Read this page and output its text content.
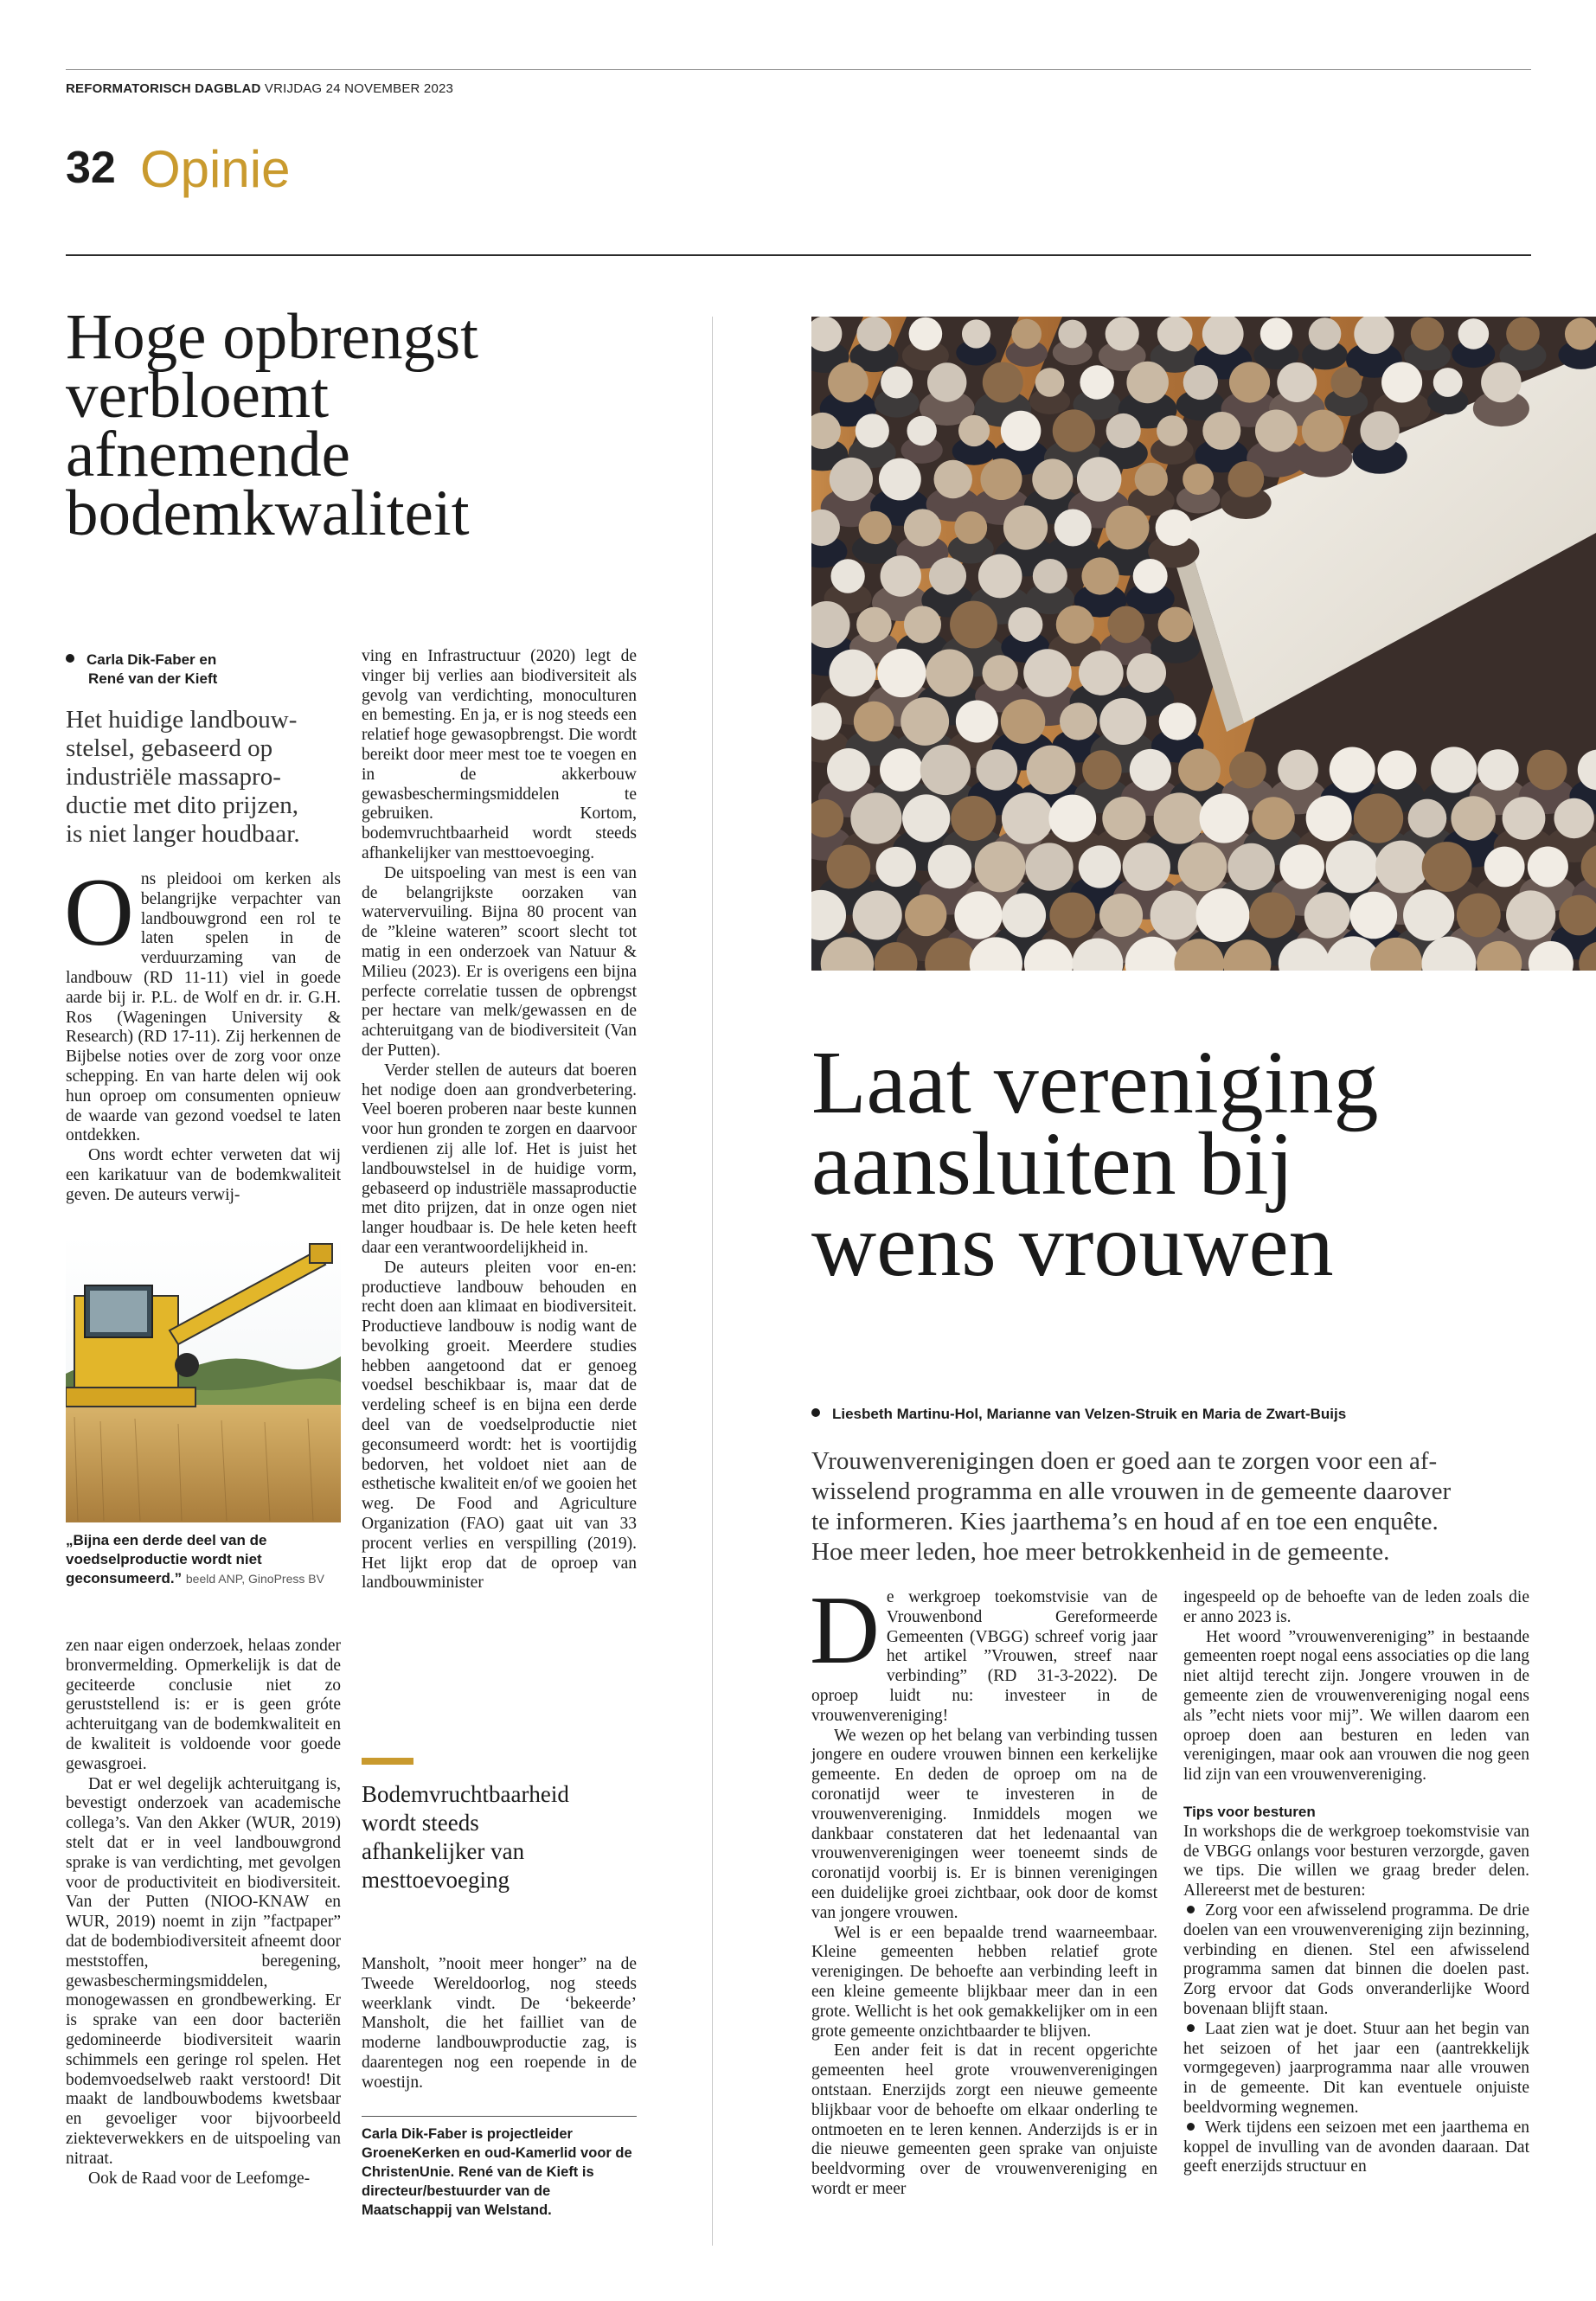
REFORMATORISCH DAGBLAD VRIJDAG 24 NOVEMBER 2023
32 Opinie
Hoge opbrengst
verbloemt
afnemende
bodemkwaliteit
Carla Dik-Faber en
René van der Kieft
Het huidige landbouw-
stelsel, gebaseerd op
industriële massapro-
ductie met dito prijzen,
is niet langer houdbaar.

Ons pleidooi om kerken als belangrijke verpachter van landbouwgrond een rol te laten spelen in de verduurzaming van de landbouw (RD 11-11) viel in goede aarde bij ir. P.L. de Wolf en dr. ir. G.H. Ros (Wageningen University & Research) (RD 17-11). Zij herkennen de Bijbelse noties over de zorg voor onze schepping. En van harte delen wij ook hun oproep om consumenten opnieuw de waarde van gezond voedsel te laten ontdekken.

Ons wordt echter verweten dat wij een karikatuur van de bodemkwaliteit geven. De auteurs verwij-

„Bijna een derde deel van de voedselproductie wordt niet geconsumeerd.” beeld ANP, GinoPress BV

zen naar eigen onderzoek, helaas zonder bronvermelding. Opmerkelijk is dat de geciteerde conclusie niet zo geruststellend is: er is geen gróte achteruitgang van de bodemkwaliteit en de kwaliteit is voldoende voor goede gewasgroei.

Dat er wel degelijk achteruitgang is, bevestigt onderzoek van academische collega’s. Van den Akker (WUR, 2019) stelt dat er in veel landbouwgrond sprake is van verdichting, met gevolgen voor de productiviteit en biodiversiteit. Van der Putten (NIOO-KNAW en WUR, 2019) noemt in zijn ”factpaper” dat de bodembiodiversiteit afneemt door meststoffen, beregening, gewasbeschermingsmiddelen, monogewassen en grondbewerking. Er is sprake van een door bacteriën gedomineerde biodiversiteit waarin schimmels een geringe rol spelen. Het bodemvoedselweb raakt verstoord! Dit maakt de landbouwbodems kwetsbaar en gevoeliger voor bijvoorbeeld ziekteverwekkers en de uitspoeling van nitraat.

Ook de Raad voor de Leefomge-

ving en Infrastructuur (2020) legt de vinger bij verlies aan biodiversiteit als gevolg van verdichting, monoculturen en bemesting. En ja, er is nog steeds een relatief hoge gewasopbrengst. Die wordt bereikt door meer mest toe te voegen en in de akkerbouw gewasbeschermingsmiddelen te gebruiken. Kortom, bodemvruchtbaarheid wordt steeds afhankelijker van mesttoevoeging.

De uitspoeling van mest is een van de belangrijkste oorzaken van watervervuiling. Bijna 80 procent van de ”kleine wateren” scoort slecht tot matig in een onderzoek van Natuur & Milieu (2023). Er is overigens een bijna perfecte correlatie tussen de opbrengst per hectare van melk/gewassen en de achteruitgang van de biodiversiteit (Van der Putten).

Verder stellen de auteurs dat boeren het nodige doen aan grondverbetering. Veel boeren proberen naar beste kunnen voor hun gronden te zorgen en daarvoor verdienen zij alle lof. Het is juist het landbouwstelsel in de huidige vorm, gebaseerd op industriële massaproductie met dito prijzen, dat in onze ogen niet langer houdbaar is. De hele keten heeft daar een verantwoordelijkheid in.

De auteurs pleiten voor en-en: productieve landbouw behouden en recht doen aan klimaat en biodiversiteit. Productieve landbouw is nodig want de bevolking groeit. Meerdere studies hebben aangetoond dat er genoeg voedsel beschikbaar is, maar dat de verdeling scheef is en bijna een derde deel van de voedselproductie niet geconsumeerd wordt: het is voortijdig bedorven, het voldoet niet aan de esthetische kwaliteit en/of we gooien het weg. De Food and Agriculture Organization (FAO) gaat uit van 33 procent verlies en verspilling (2019). Het lijkt erop dat de oproep van landbouwminister

Bodemvruchtbaarheid
wordt steeds
afhankelijker van
mesttoevoeging

Mansholt, ”nooit meer honger” na de Tweede Wereldoorlog, nog steeds weerklank vindt. De ‘bekeerde’ Mansholt, die het failliet van de moderne landbouwproductie zag, is daarentegen nog een roepende in de woestijn.

Carla Dik-Faber is projectleider GroeneKerken en oud-Kamerlid voor de ChristenUnie. René van de Kieft is directeur/bestuurder van de Maatschappij van Welstand.
Laat vereniging
aansluiten bij
wens vrouwen
Liesbeth Martinu-Hol, Marianne van Velzen-Struik en Maria de Zwart-Buijs
Vrouwenverenigingen doen er goed aan te zorgen voor een af-
wisselend programma en alle vrouwen in de gemeente daarover
te informeren. Kies jaarthema’s en houd af en toe een enquête.
Hoe meer leden, hoe meer betrokkenheid in de gemeente.

De werkgroep toekomstvisie van de Vrouwenbond Gereformeerde Gemeenten (VBGG) schreef vorig jaar het artikel ”Vrouwen, streef naar verbinding” (RD 31-3-2022). De oproep luidt nu: investeer in de vrouwenvereniging!

We wezen op het belang van verbinding tussen jongere en oudere vrouwen binnen een kerkelijke gemeente. En deden de oproep om na de coronatijd weer te investeren in de vrouwenvereniging. Inmiddels mogen we dankbaar constateren dat het ledenaantal van vrouwenverenigingen weer toeneemt sinds de coronatijd voorbij is. Er is binnen verenigingen een duidelijke groei zichtbaar, ook door de komst van jongere vrouwen.

Wel is er een bepaalde trend waarneembaar. Kleine gemeenten hebben relatief grote verenigingen. De behoefte aan verbinding leeft in een kleine gemeente blijkbaar meer dan in een grote. Wellicht is het ook gemakkelijker om in een grote gemeente onzichtbaarder te blijven.

Een ander feit is dat in recent opgerichte gemeenten heel grote vrouwenverenigingen ontstaan. Enerzijds zorgt een nieuwe gemeente blijkbaar voor de behoefte om elkaar onderling te ontmoeten en te leren kennen. Anderzijds is er in die nieuwe gemeenten geen sprake van onjuiste beeldvorming over de vrouwenvereniging en wordt er meer

ingespeeld op de behoefte van de leden zoals die er anno 2023 is.

Het woord ”vrouwenvereniging” in bestaande gemeenten roept nogal eens associaties op die lang niet altijd terecht zijn. Jongere vrouwen in de gemeente zien de vrouwenvereniging nogal eens als ”echt niets voor mij”. We willen daarom een oproep doen aan besturen en leden van verenigingen, maar ook aan vrouwen die nog geen lid zijn van een vrouwenvereniging.

Tips voor besturen

In workshops die de werkgroep toekomstvisie van de VBGG onlangs voor besturen verzorgde, gaven we tips. Die willen we graag breder delen. Allereerst met de besturen:

Zorg voor een afwisselend programma. De drie doelen van een vrouwenvereniging zijn bezinning, verbinding en dienen. Stel een afwisselend programma samen dat binnen die doelen past. Zorg ervoor dat Gods onveranderlijke Woord bovenaan blijft staan.

Laat zien wat je doet. Stuur aan het begin van het seizoen of het jaar een (aantrekkelijk vormgegeven) jaarprogramma naar alle vrouwen in de gemeente. Dit kan eventuele onjuiste beeldvorming wegnemen.

Werk tijdens een seizoen met een jaarthema en koppel de invulling van de avonden daaraan. Dat geeft enerzijds structuur en
